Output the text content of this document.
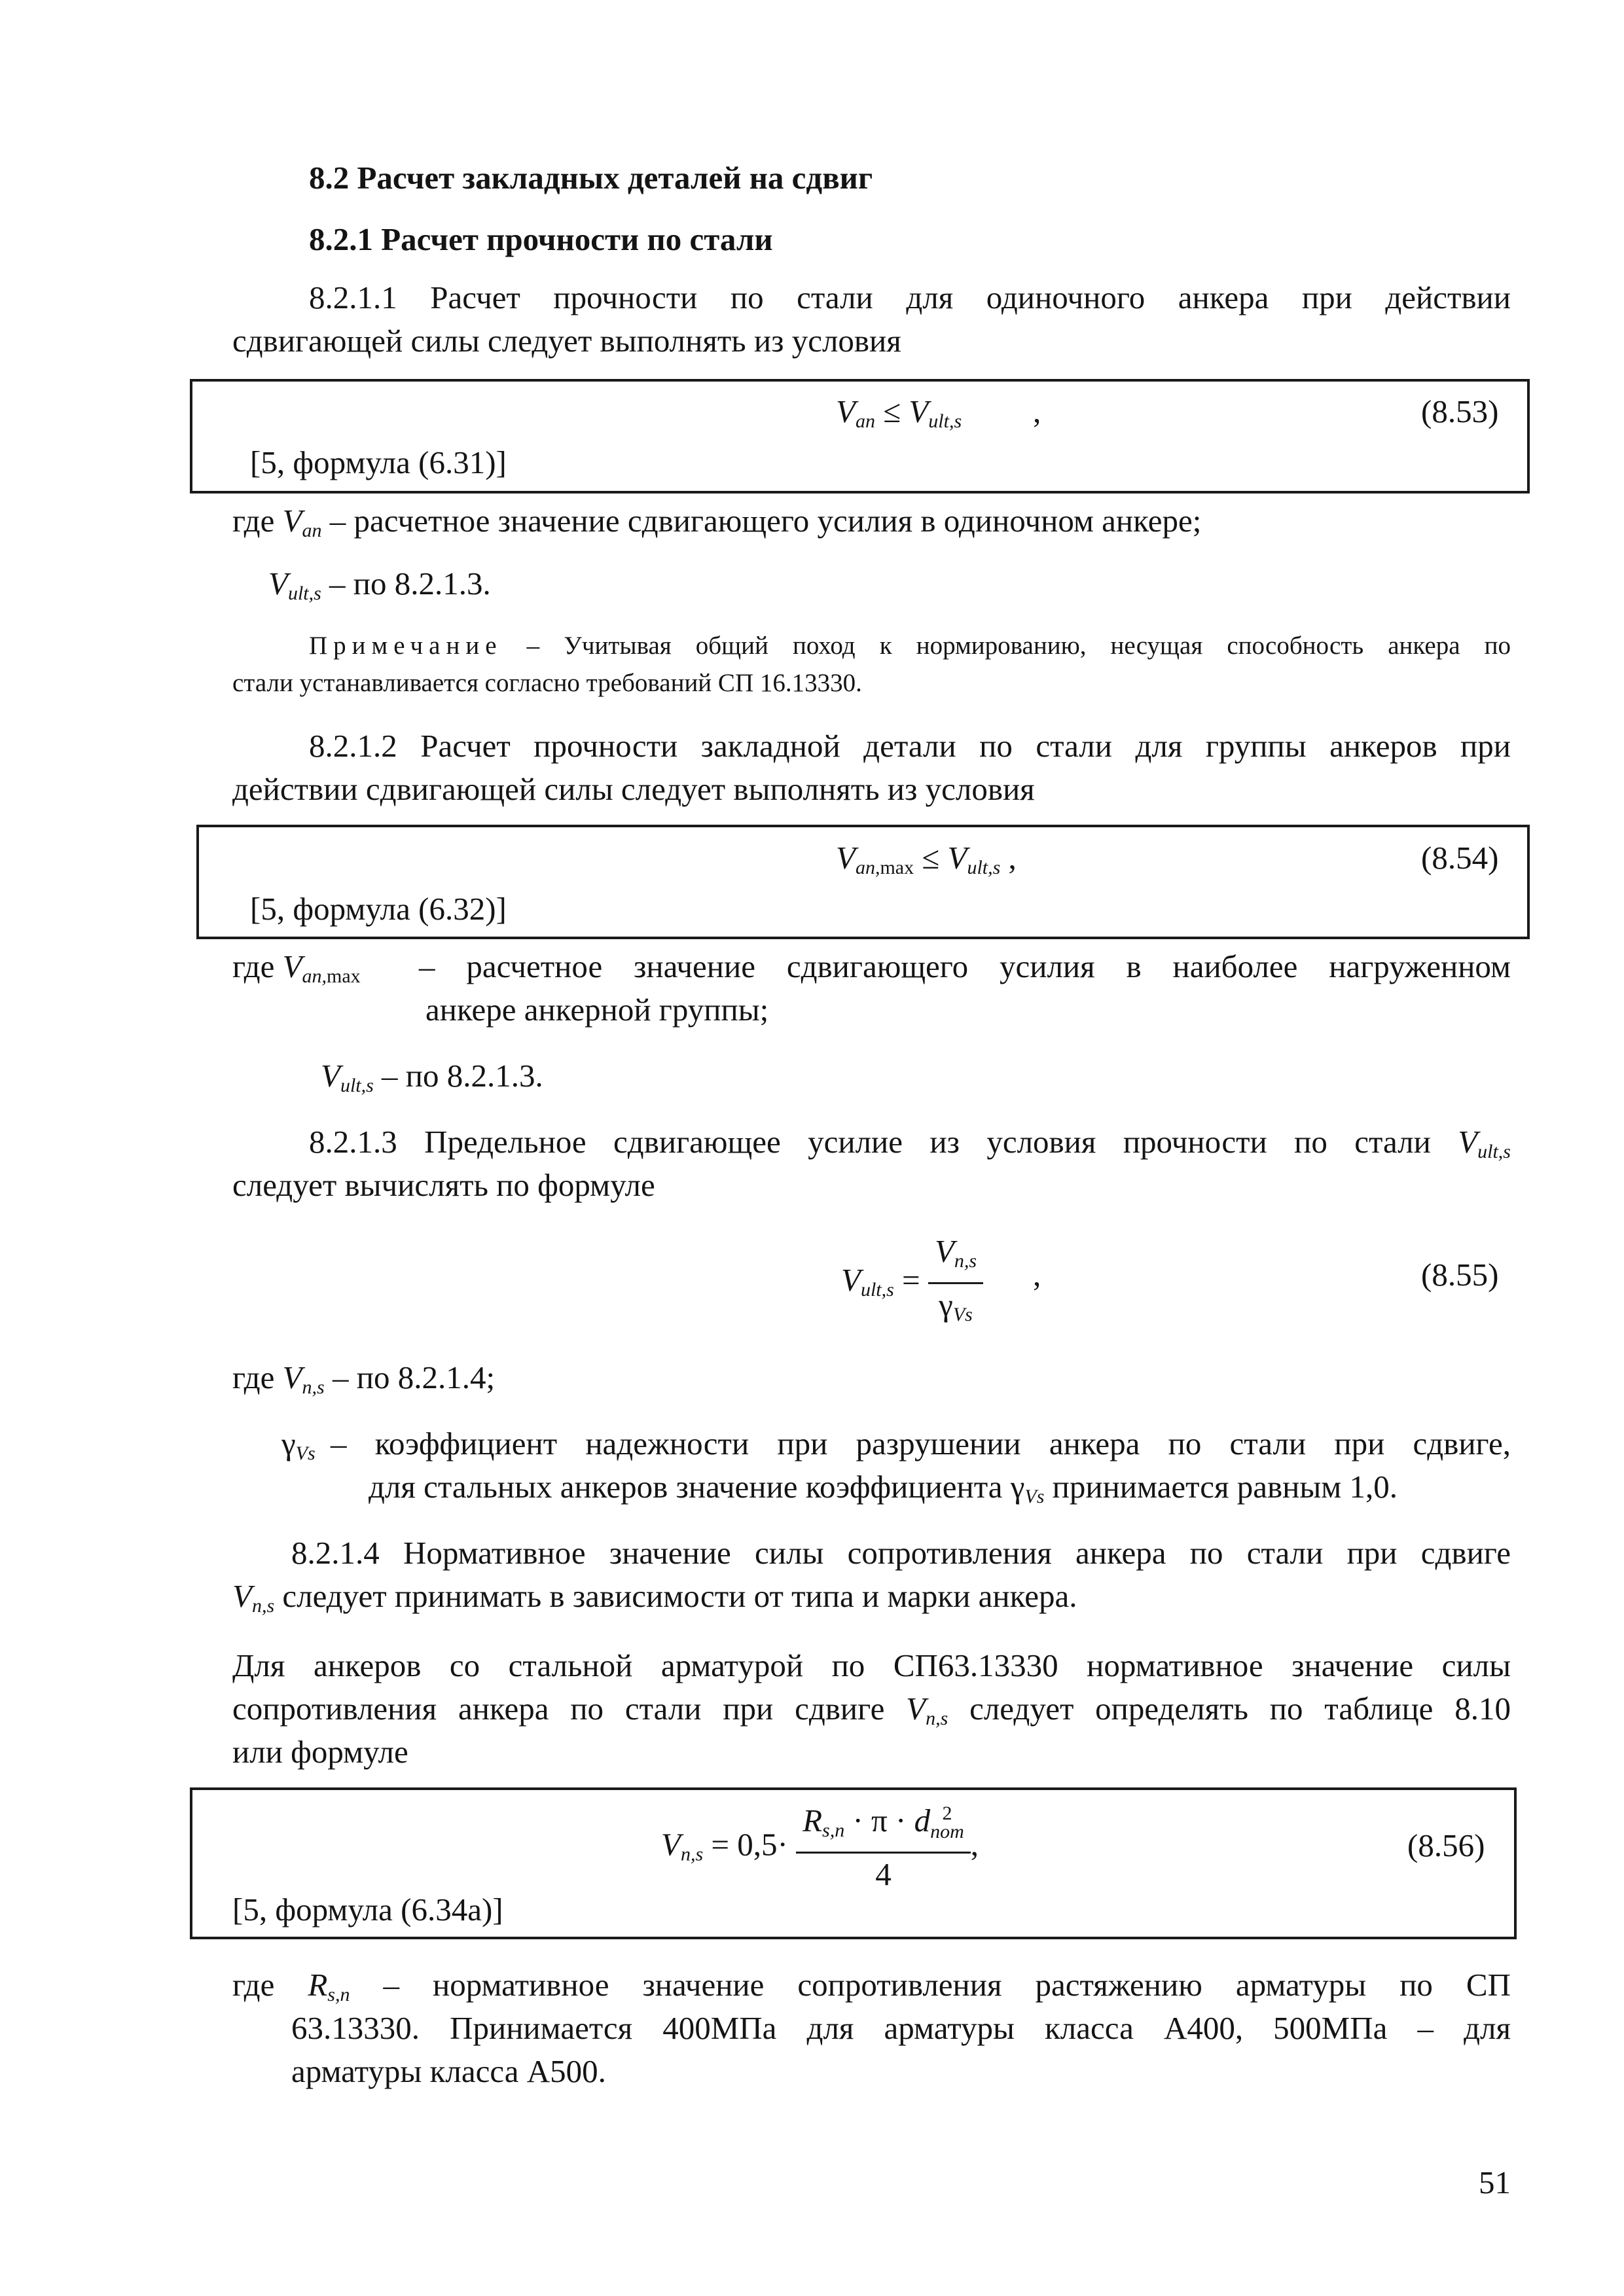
8.2 Расчет закладных деталей на сдвиг
8.2.1 Расчет прочности по стали
8.2.1.1 Расчет прочности по стали для одиночного анкера при действии
сдвигающей силы следует выполнять из условия
$V_{an} \le V_{ult,s}$ ,	(8.53)
[5, формула (6.31)]
где $V_{an}$ – расчетное значение сдвигающего усилия в одиночном анкере;
$V_{ult,s}$ – по 8.2.1.3.
Примечание – Учитывая общий поход к нормированию, несущая способность анкера по
стали устанавливается согласно требований СП 16.13330.
8.2.1.2 Расчет прочности закладной детали по стали для группы анкеров при
действии сдвигающей силы следует выполнять из условия
$V_{an,}\max \le V_{ult,s}$ ,	(8.54)
[5, формула (6.32)]
где $V_{an,}\max$ – расчетное значение сдвигающего усилия в наиболее нагруженном
анкере анкерной группы;
$V_{ult,s}$ – по 8.2.1.3.
8.2.1.3 Предельное сдвигающее усилие из условия прочности по стали $V_{ult,s}$
следует вычислять по формуле
$V_{ult,s} = \frac{V_{n,s}}{\gamma_{Vs}}$ ,	(8.55)
где $V_{n,s}$ – по 8.2.1.4;
$\gamma_{Vs}$ – коэффициент надежности при разрушении анкера по стали при сдвиге,
для стальных анкеров значение коэффициента $\gamma_{Vs}$ принимается равным 1,0.
8.2.1.4 Нормативное значение силы сопротивления анкера по стали при сдвиге
$V_{n,s}$ следует принимать в зависимости от типа и марки анкера.
Для анкеров со стальной арматурой по СП63.13330 нормативное значение силы
сопротивления анкера по стали при сдвиге $V_{n,s}$ следует определять по таблице 8.10
или формуле
$V_{n,s} = 0,5\cdot R_{s,n} \cdot \pi \cdot d$ 2
nom
4 ,	(8.56)
[5, формула (6.34а)]
где $R_{s,n}$ – нормативное значение сопротивления растяжению арматуры по СП
63.13330. Принимается 400МПа для арматуры класса А400, 500МПа – для
арматуры класса А500.
51
